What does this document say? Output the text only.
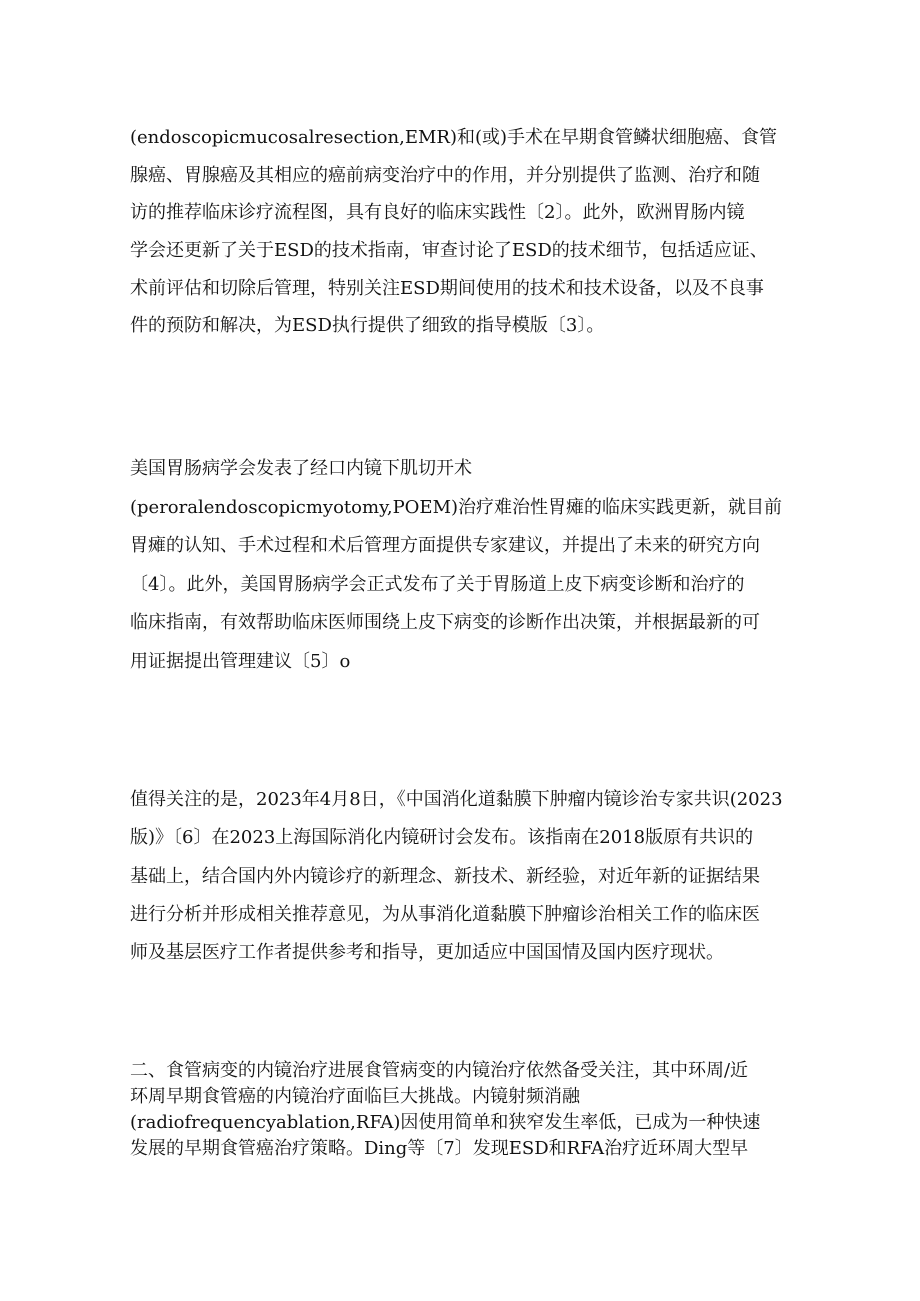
(endoscopicmucosalresection,EMR)和(或)手术在早期食管鳞状细胞癌、食管
腺癌、胃腺癌及其相应的癌前病变治疗中的作用，并分别提供了监测、治疗和随
访的推荐临床诊疗流程图，具有良好的临床实践性〔2〕。此外，欧洲胃肠内镜
学会还更新了关于ESD的技术指南，审查讨论了ESD的技术细节，包括适应证、
术前评估和切除后管理，特别关注ESD期间使用的技术和技术设备，以及不良事
件的预防和解决，为ESD执行提供了细致的指导模版〔3〕。
美国胃肠病学会发表了经口内镜下肌切开术
(peroralendoscopicmyotomy,POEM)治疗难治性胃瘫的临床实践更新，就目前
胃瘫的认知、手术过程和术后管理方面提供专家建议，并提出了未来的研究方向
〔4〕。此外，美国胃肠病学会正式发布了关于胃肠道上皮下病变诊断和治疗的
临床指南，有效帮助临床医师围绕上皮下病变的诊断作出决策，并根据最新的可
用证据提出管理建议〔5〕o
值得关注的是，2023年4月8日，《中国消化道黏膜下肿瘤内镜诊治专家共识(2023
版)》〔6〕在2023上海国际消化内镜研讨会发布。该指南在2018版原有共识的
基础上，结合国内外内镜诊疗的新理念、新技术、新经验，对近年新的证据结果
进行分析并形成相关推荐意见，为从事消化道黏膜下肿瘤诊治相关工作的临床医
师及基层医疗工作者提供参考和指导，更加适应中国国情及国内医疗现状。
二、食管病变的内镜治疗进展食管病变的内镜治疗依然备受关注，其中环周/近
环周早期食管癌的内镜治疗面临巨大挑战。内镜射频消融
(radiofrequencyablation,RFA)因使用简单和狭窄发生率低，已成为一种快速
发展的早期食管癌治疗策略。Ding等〔7〕发现ESD和RFA治疗近环周大型早
